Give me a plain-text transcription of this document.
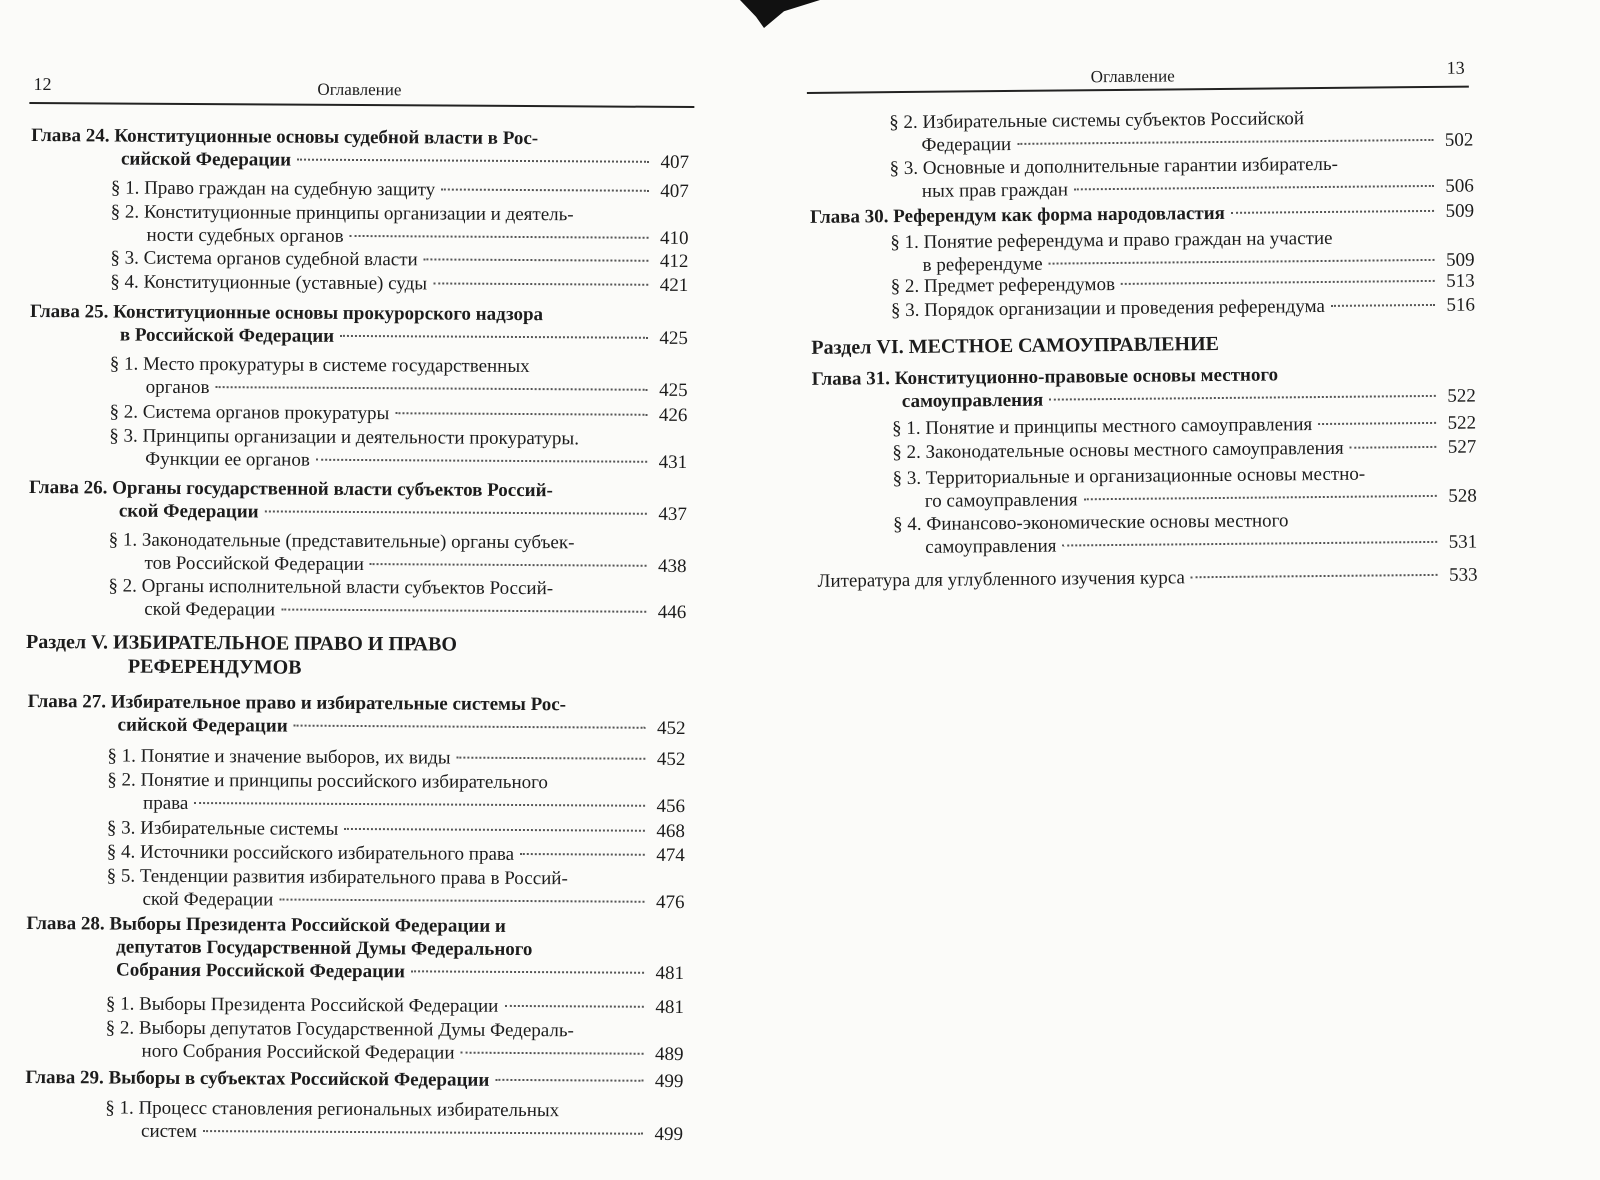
12	Оглавление
Глава 24. Конституционные основы судебной власти в Рос-
сийской Федерации	407
§ 1. Право граждан на судебную защиту	407
§ 2. Конституционные принципы организации и деятель-
ности судебных органов	410
§ 3. Система органов судебной власти	412
§ 4. Конституционные (уставные) суды	421
Глава 25. Конституционные основы прокурорского надзора
в Российской Федерации	425
§ 1. Место прокуратуры в системе государственных
органов	425
§ 2. Система органов прокуратуры	426
§ 3. Принципы организации и деятельности прокуратуры.
Функции ее органов	431
Глава 26. Органы государственной власти субъектов Россий-
ской Федерации	437
§ 1. Законодательные (представительные) органы субъек-
тов Российской Федерации	438
§ 2. Органы исполнительной власти субъектов Россий-
ской Федерации	446
Раздел V. ИЗБИРАТЕЛЬНОЕ ПРАВО И ПРАВО
РЕФЕРЕНДУМОВ
Глава 27. Избирательное право и избирательные системы Рос-
сийской Федерации	452
§ 1. Понятие и значение выборов, их виды	452
§ 2. Понятие и принципы российского избирательного
права	456
§ 3. Избирательные системы	468
§ 4. Источники российского избирательного права	474
§ 5. Тенденции развития избирательного права в Россий-
ской Федерации	476
Глава 28. Выборы Президента Российской Федерации и
депутатов Государственной Думы Федерального
Собрания Российской Федерации	481
§ 1. Выборы Президента Российской Федерации	481
§ 2. Выборы депутатов Государственной Думы Федераль-
ного Собрания Российской Федерации	489
Глава 29. Выборы в субъектах Российской Федерации	499
§ 1. Процесс становления региональных избирательных
систем	499
Оглавление	13
§ 2. Избирательные системы субъектов Российской
Федерации	502
§ 3. Основные и дополнительные гарантии избиратель-
ных прав граждан	506
Глава 30. Референдум как форма народовластия	509
§ 1. Понятие референдума и право граждан на участие
в референдуме	509
§ 2. Предмет референдумов	513
§ 3. Порядок организации и проведения референдума	516
Раздел VI. МЕСТНОЕ САМОУПРАВЛЕНИЕ
Глава 31. Конституционно-правовые основы местного
самоуправления	522
§ 1. Понятие и принципы местного самоуправления	522
§ 2. Законодательные основы местного самоуправления	527
§ 3. Территориальные и организационные основы местно-
го самоуправления	528
§ 4. Финансово-экономические основы местного
самоуправления	531
Литература для углубленного изучения курса	533
